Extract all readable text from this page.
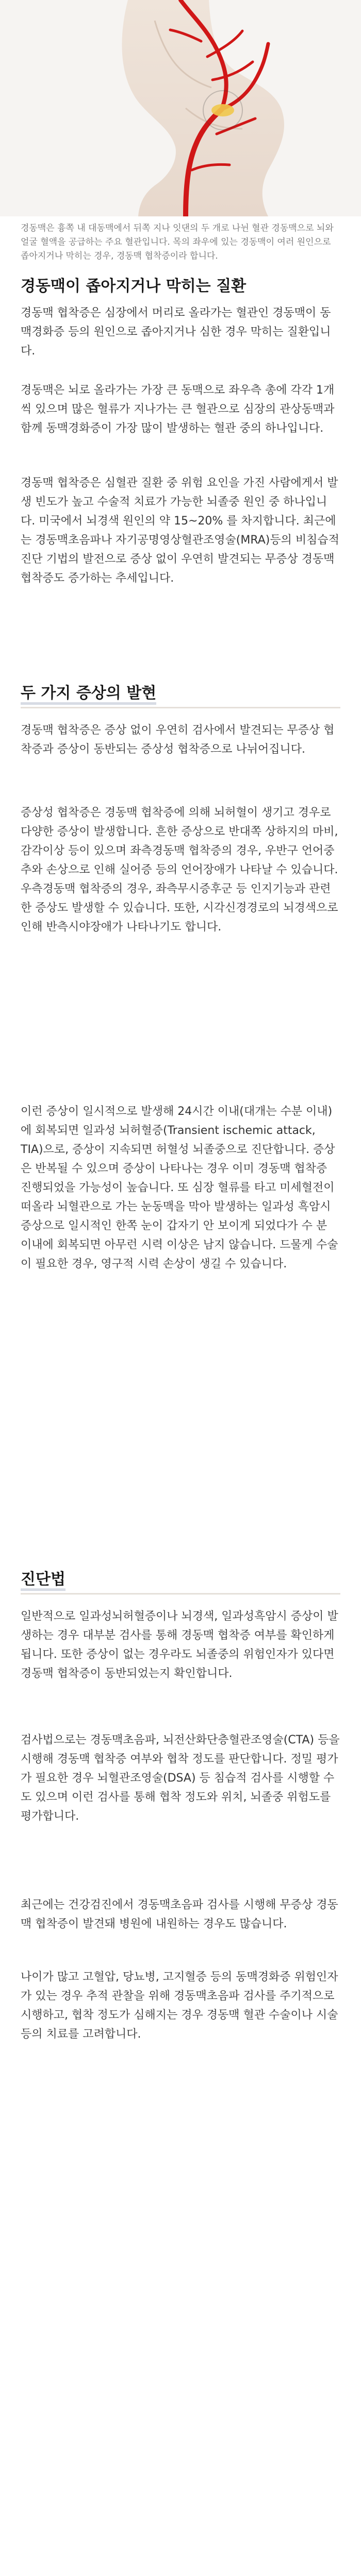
경동맥은 흉쪽 내 대동맥에서 뒤쪽 지나 잇댄의 두 개로 나뉜 혈관 경동맥으로 뇌와 얼굴 혈액을 공급하는 주요 혈관입니다. 목의 좌우에 있는 경동맥이 여러 원인으로 좁아지거나 막히는 경우, 경동맥 협착증이라 합니다.
경동맥이 좁아지거나 막히는 질환
경동맥 협착증은 심장에서 머리로 올라가는 혈관인 경동맥이 동맥경화증 등의 원인으로 좁아지거나 심한 경우 막히는 질환입니다.
경동맥은 뇌로 올라가는 가장 큰 동맥으로 좌우측 총에 각각 1개씩 있으며 많은 혈류가 지나가는 큰 혈관으로 심장의 관상동맥과 함께 동맥경화증이 가장 많이 발생하는 혈관 중의 하나입니다.
경동맥 협착증은 심혈관 질환 중 위험 요인을 가진 사람에게서 발생 빈도가 높고 수술적 치료가 가능한 뇌졸중 원인 중 하나입니다. 미국에서 뇌경색 원인의 약 15~20% 를 차지합니다. 최근에는 경동맥초음파나 자기공명영상혈관조영술(MRA)등의 비침습적 진단 기법의 발전으로 증상 없이 우연히 발견되는 무증상 경동맥 협착증도 증가하는 추세입니다.
두 가지 증상의 발현
경동맥 협착증은 증상 없이 우연히 검사에서 발견되는 무증상 협착증과 증상이 동반되는 증상성 협착증으로 나뉘어집니다.
증상성 협착증은 경동맥 협착증에 의해 뇌허혈이 생기고 경우로 다양한 증상이 발생합니다. 흔한 증상으로 반대쪽 상하지의 마비, 감각이상 등이 있으며 좌측경동맥 협착증의 경우, 우반구 언어중추와 손상으로 인해 실어증 등의 언어장애가 나타날 수 있습니다. 우측경동맥 협착증의 경우, 좌측무시증후군 등 인지기능과 관련한 증상도 발생할 수 있습니다. 또한, 시각신경경로의 뇌경색으로 인해 반측시야장애가 나타나기도 합니다.
이런 증상이 일시적으로 발생해 24시간 이내(대개는 수분 이내)에 회복되면 일과성 뇌허혈증(Transient ischemic attack, TIA)으로, 증상이 지속되면 허혈성 뇌졸중으로 진단합니다. 증상은 반복될 수 있으며 증상이 나타나는 경우 이미 경동맥 협착증 진행되었을 가능성이 높습니다. 또 심장 혈류를 타고 미세혈전이 떠올라 뇌혈관으로 가는 눈동맥을 막아 발생하는 일과성 흑암시 증상으로 일시적인 한쪽 눈이 갑자기 안 보이게 되었다가 수 분 이내에 회복되면 아무런 시력 이상은 남지 않습니다. 드물게 수술이 필요한 경우, 영구적 시력 손상이 생길 수 있습니다.
진단법
일반적으로 일과성뇌허혈증이나 뇌경색, 일과성흑암시 증상이 발생하는 경우 대부분 검사를 통해 경동맥 협착증 여부를 확인하게 됩니다. 또한 증상이 없는 경우라도 뇌졸중의 위험인자가 있다면 경동맥 협착증이 동반되었는지 확인합니다.
검사법으로는 경동맥초음파, 뇌전산화단층혈관조영술(CTA) 등을 시행해 경동맥 협착증 여부와 협착 정도를 판단합니다. 정밀 평가가 필요한 경우 뇌혈관조영술(DSA) 등 침습적 검사를 시행할 수도 있으며 이런 검사를 통해 협착 정도와 위치, 뇌졸중 위험도를 평가합니다.
최근에는 건강검진에서 경동맥초음파 검사를 시행해 무증상 경동맥 협착증이 발견돼 병원에 내원하는 경우도 많습니다.
나이가 많고 고혈압, 당뇨병, 고지혈증 등의 동맥경화증 위험인자가 있는 경우 추적 관찰을 위해 경동맥초음파 검사를 주기적으로 시행하고, 협착 정도가 심해지는 경우 경동맥 혈관 수술이나 시술 등의 치료를 고려합니다.
